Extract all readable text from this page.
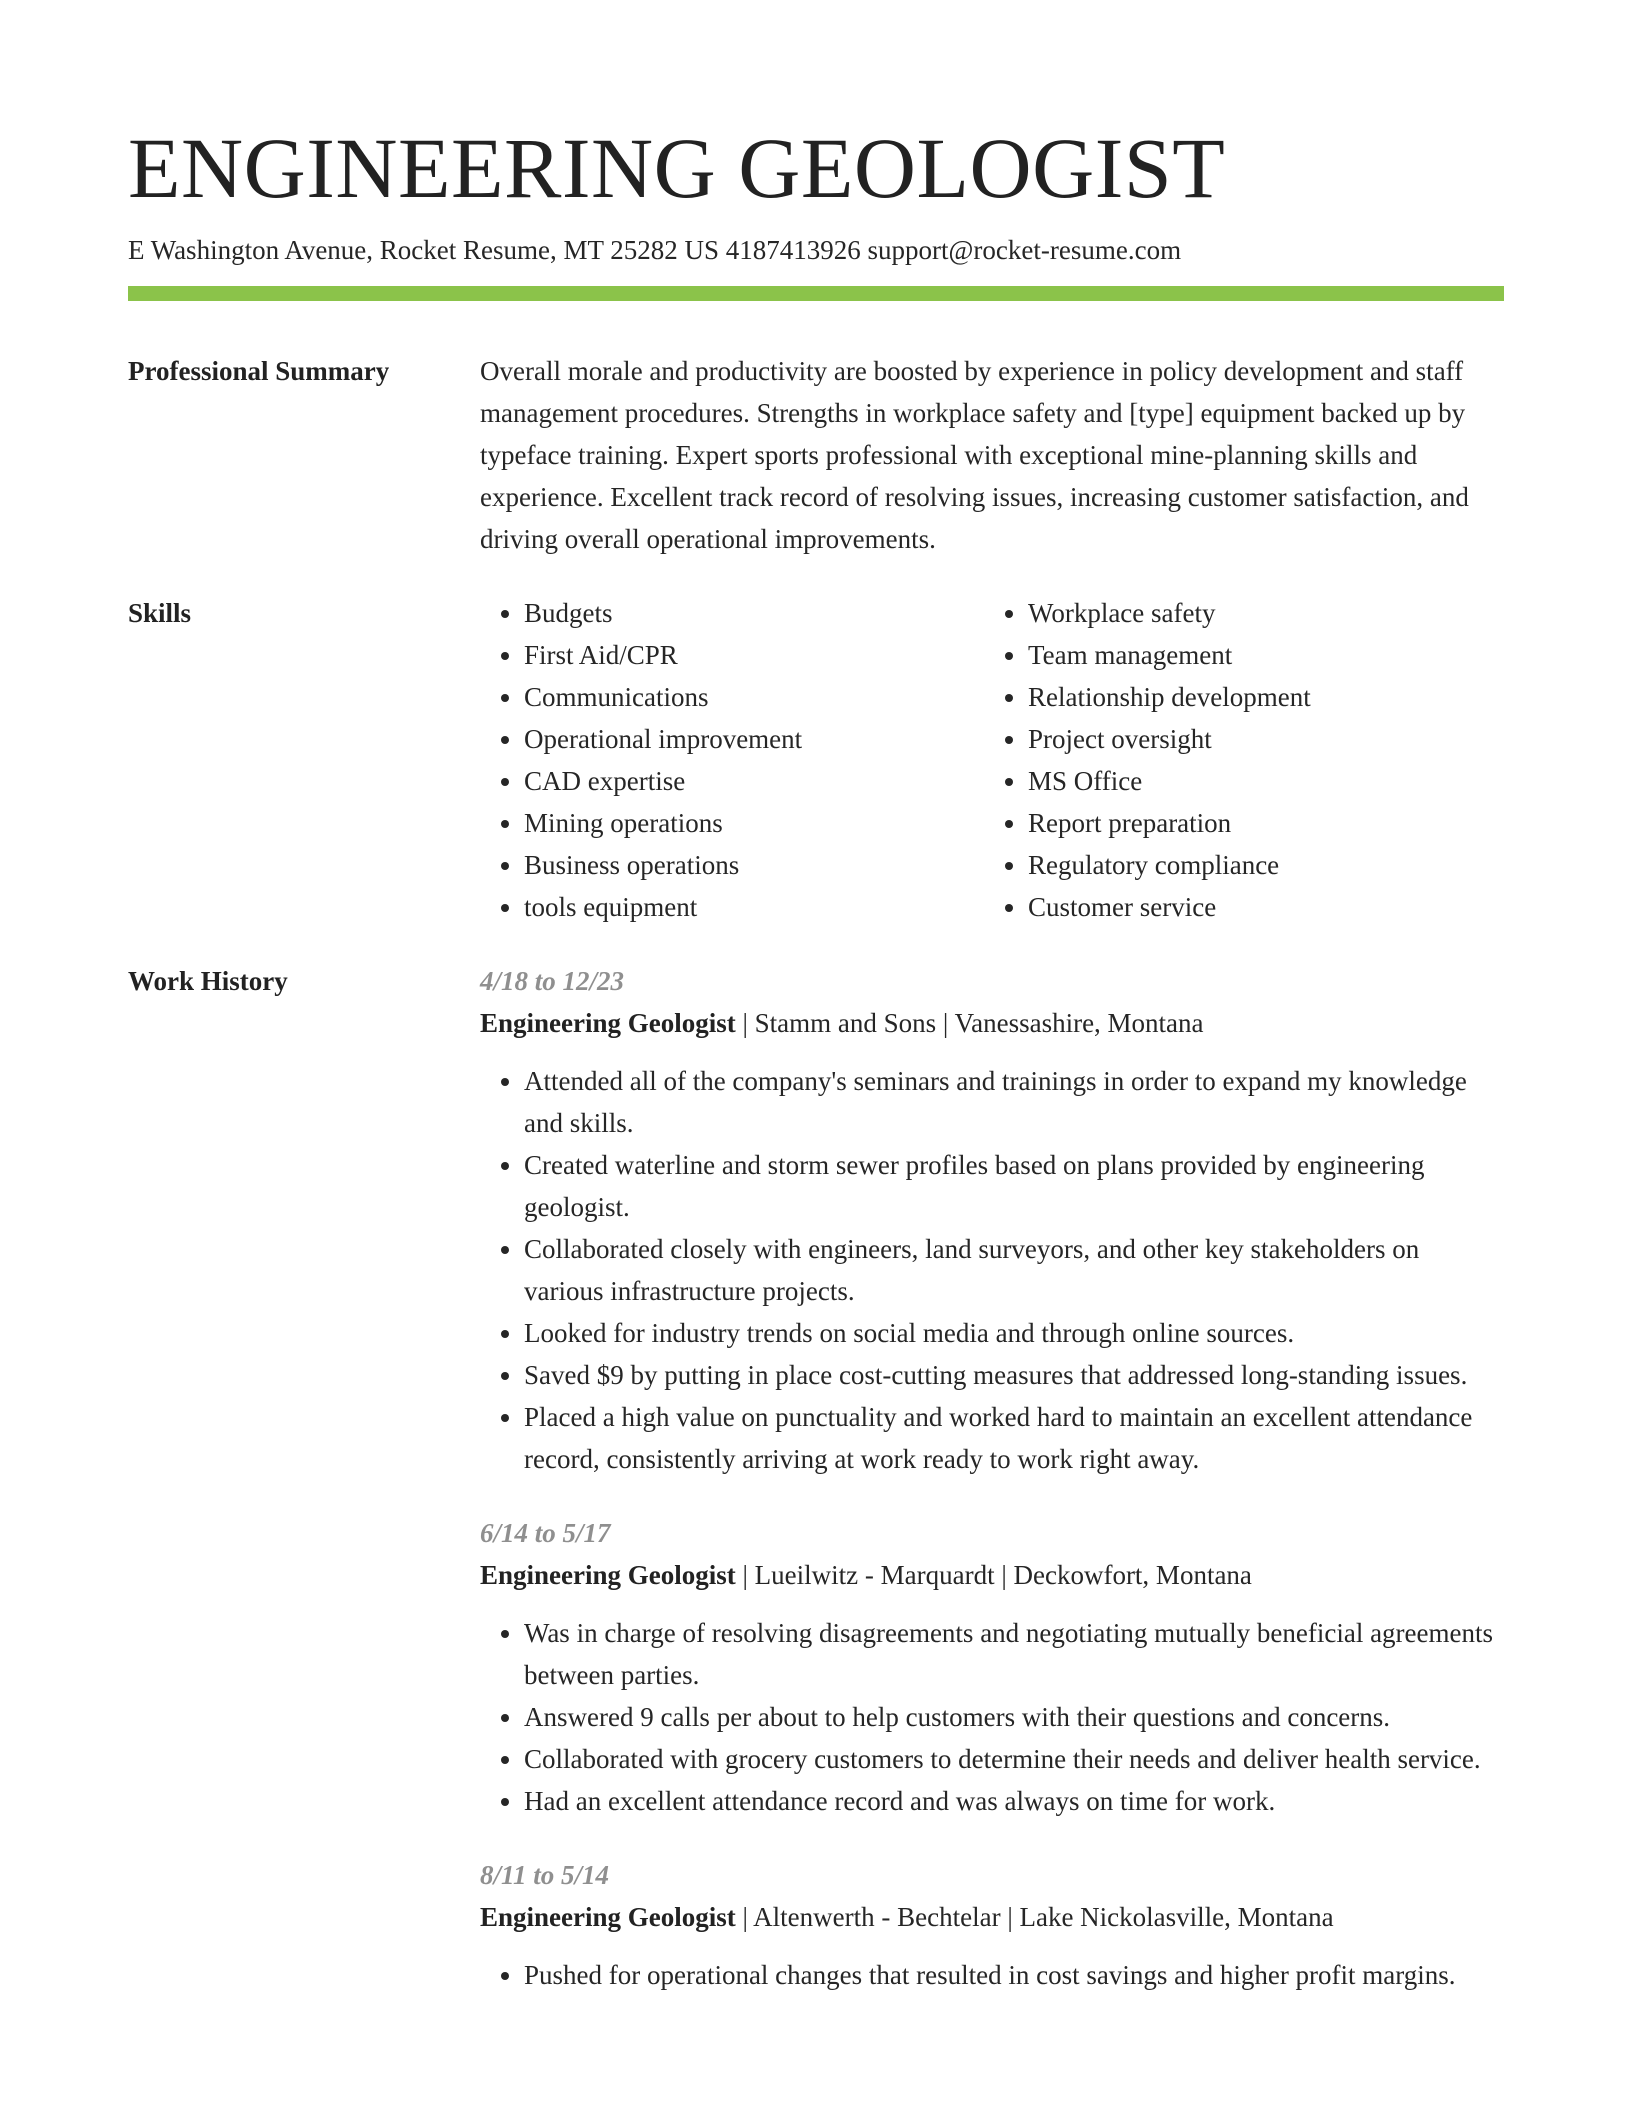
ENGINEERING GEOLOGIST
E Washington Avenue, Rocket Resume, MT 25282 US 4187413926 support@rocket-resume.com
Professional Summary	Overall morale and productivity are boosted by experience in policy development and staff management procedures. Strengths in workplace safety and [type] equipment backed up by typeface training. Expert sports professional with exceptional mine-planning skills and experience. Excellent track record of resolving issues, increasing customer satisfaction, and driving overall operational improvements.

Skills	• Budgets
• First Aid/CPR
• Communications
• Operational improvement
• CAD expertise
• Mining operations
• Business operations
• tools equipment
• Workplace safety
• Team management
• Relationship development
• Project oversight
• MS Office
• Report preparation
• Regulatory compliance
• Customer service
Work History	4/18 to 12/23
Engineering Geologist | Stamm and Sons | Vanessashire, Montana
• Attended all of the company's seminars and trainings in order to expand my knowledge and skills.
• Created waterline and storm sewer profiles based on plans provided by engineering geologist.
• Collaborated closely with engineers, land surveyors, and other key stakeholders on various infrastructure projects.
• Looked for industry trends on social media and through online sources.
• Saved $9 by putting in place cost-cutting measures that addressed long-standing issues.
• Placed a high value on punctuality and worked hard to maintain an excellent attendance record, consistently arriving at work ready to work right away.
6/14 to 5/17
Engineering Geologist | Lueilwitz - Marquardt | Deckowfort, Montana
• Was in charge of resolving disagreements and negotiating mutually beneficial agreements between parties.
• Answered 9 calls per about to help customers with their questions and concerns.
• Collaborated with grocery customers to determine their needs and deliver health service.
• Had an excellent attendance record and was always on time for work.
8/11 to 5/14
Engineering Geologist | Altenwerth - Bechtelar | Lake Nickolasville, Montana
• Pushed for operational changes that resulted in cost savings and higher profit margins.
